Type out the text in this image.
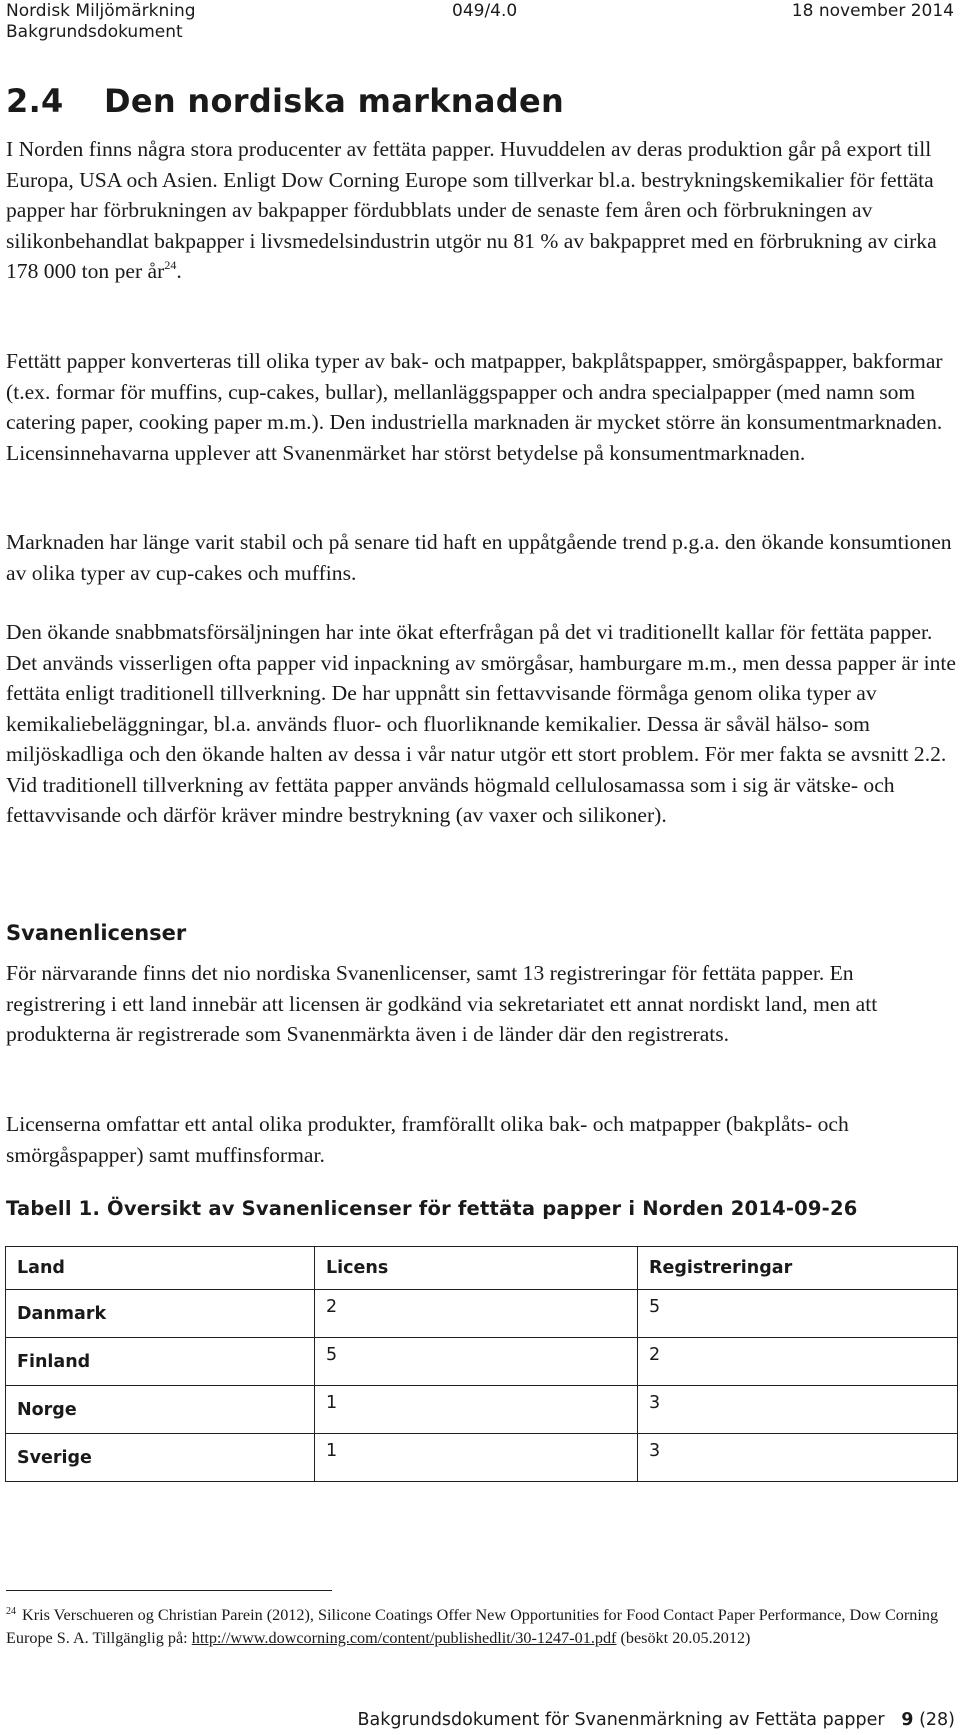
Nordisk Miljömärkning
Bakgrundsdokument
049/4.0	18 november 2014
2.4 Den nordiska marknaden
I Norden finns några stora producenter av fettäta papper. Huvuddelen av deras produktion går på export till Europa, USA och Asien. Enligt Dow Corning Europe som tillverkar bl.a. bestrykningskemikalier för fettäta papper har förbrukningen av bakpapper fördubblats under de senaste fem åren och förbrukningen av silikonbehandlat bakpapper i livsmedelsindustrin utgör nu 81 % av bakpappret med en förbrukning av cirka 178 000 ton per $år^{24}$.
Fettätt papper konverteras till olika typer av bak- och matpapper, bakplåtspapper, smörgåspapper, bakformar (t.ex. formar för muffins, cup-cakes, bullar), mellanläggspapper och andra specialpapper (med namn som catering paper, cooking paper m.m.). Den industriella marknaden är mycket större än konsumentmarknaden. Licensinnehavarna upplever att Svanenmärket har störst betydelse på konsumentmarknaden.
Marknaden har länge varit stabil och på senare tid haft en uppåtgående trend p.g.a. den ökande konsumtionen av olika typer av cup-cakes och muffins.
Den ökande snabbmatsförsäljningen har inte ökat efterfrågan på det vi traditionellt kallar för fettäta papper. Det används visserligen ofta papper vid inpackning av smörgåsar, hamburgare m.m., men dessa papper är inte fettäta enligt traditionell tillverkning. De har uppnått sin fettavvisande förmåga genom olika typer av kemikaliebeläggningar, bl.a. används fluor- och fluorliknande kemikalier. Dessa är såväl hälso- som miljöskadliga och den ökande halten av dessa i vår natur utgör ett stort problem. För mer fakta se avsnitt 2.2. Vid traditionell tillverkning av fettäta papper används högmald cellulosamassa som i sig är vätske- och fettavvisande och därför kräver mindre bestrykning (av vaxer och silikoner).
Svanenlicenser
För närvarande finns det nio nordiska Svanenlicenser, samt 13 registreringar för fettäta papper. En registrering i ett land innebär att licensen är godkänd via sekretariatet ett annat nordiskt land, men att produkterna är registrerade som Svanenmärkta även i de länder där den registrerats.
Licenserna omfattar ett antal olika produkter, framförallt olika bak- och matpapper (bakplåts- och smörgåspapper) samt muffinsformar.
Tabell 1. Översikt av Svanenlicenser för fettäta papper i Norden 2014-09-26
Land	Licens	Registreringar
Danmark	2	5
Finland	5	2
Norge	1	3
Sverige	1	3
$^{24}$ Kris Verschueren og Christian Parein (2012), Silicone Coatings Offer New Opportunities for Food Contact Paper Performance, Dow Corning Europe S. A. Tillgänglig på: http://www.dowcorning.com/content/publishedlit/30-1247-01.pdf (besökt 20.05.2012)
Bakgrundsdokument för Svanenmärkning av Fettäta papper 9 (28)
